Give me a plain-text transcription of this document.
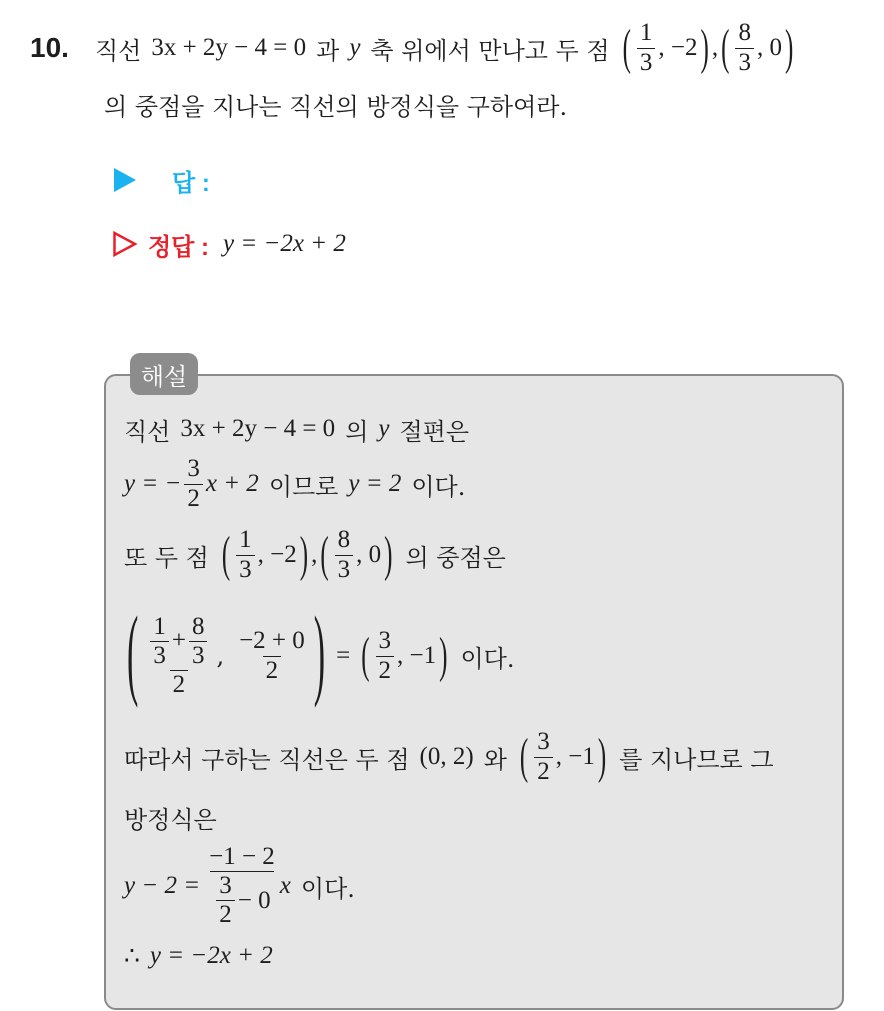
10. 직선 3x + 2y − 4 = 0 과 y 축 위에서 만나고 두 점 ( $\frac{1}{3}$ , −2 ) , ( $\frac{8}{3}$ , 0 )
의 중점을 지나는 직선의 방정식을 구하여라.
답 :
정답 : y = −2x + 2
해설
직선 3x + 2y − 4 = 0 의 y 절편은
y = − $\frac{3}{2}$ x + 2 이므로 y = 2 이다.
또 두 점 ( $\frac{1}{3}$ , −2 ) , ( $\frac{8}{3}$ , 0 ) 의 중점은
( $\frac{\frac{1}{3} + \frac{8}{3}}{2}$ , $\frac{-2 + 0}{2}$ ) = ( $\frac{3}{2}$ , −1 ) 이다.
따라서 구하는 직선은 두 점 (0, 2) 와 ( $\frac{3}{2}$ , −1 ) 를 지나므로 그
방정식은
$y - 2 = \frac{-1 - 2}{\frac{3}{2} - 0}$ x 이다.
∴ y = −2x + 2
